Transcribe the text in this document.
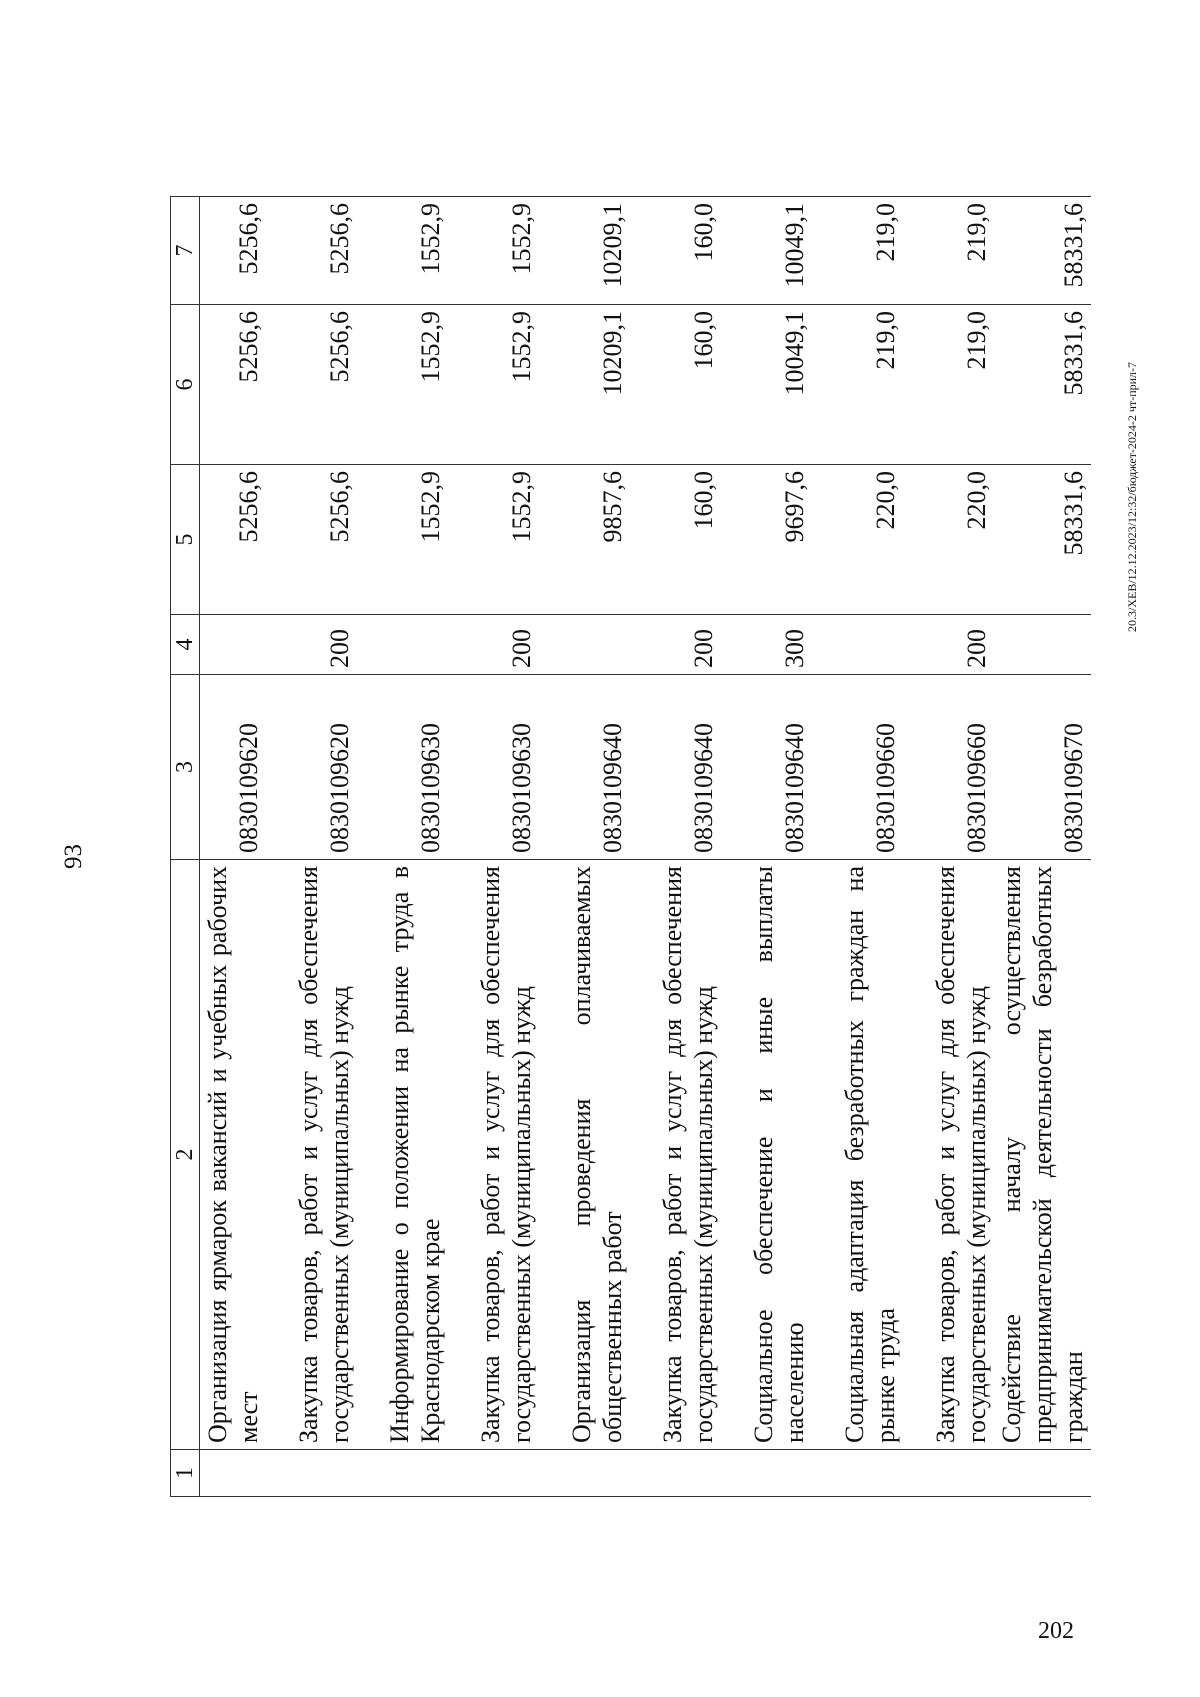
93
1	2	3	4	5	6	7
	Организация ярмарок вакансий и учебных рабочих мест	0830109620		5256,6	5256,6	5256,6
	Закупка товаров, работ и услуг для обеспечения государственных (муниципальных) нужд	0830109620	200	5256,6	5256,6	5256,6
	Информирование о положении на рынке труда в Краснодарском крае	0830109630		1552,9	1552,9	1552,9
	Закупка товаров, работ и услуг для обеспечения государственных (муниципальных) нужд	0830109630	200	1552,9	1552,9	1552,9
	Организация проведения оплачиваемых общественных работ	0830109640		9857,6	10209,1	10209,1
	Закупка товаров, работ и услуг для обеспечения государственных (муниципальных) нужд	0830109640	200	160,0	160,0	160,0
	Социальное обеспечение и иные выплаты населению	0830109640	300	9697,6	10049,1	10049,1
	Социальная адаптация безработных граждан на рынке труда	0830109660		220,0	219,0	219,0
	Закупка товаров, работ и услуг для обеспечения государственных (муниципальных) нужд	0830109660	200	220,0	219,0	219,0
	Содействие началу осуществления предпринимательской деятельности безработных граждан	0830109670		58331,6	58331,6	58331,6
20.3/ХЕВ/12.12.2023/12:32/бюджет-2024-2 чт-прил-7
202
